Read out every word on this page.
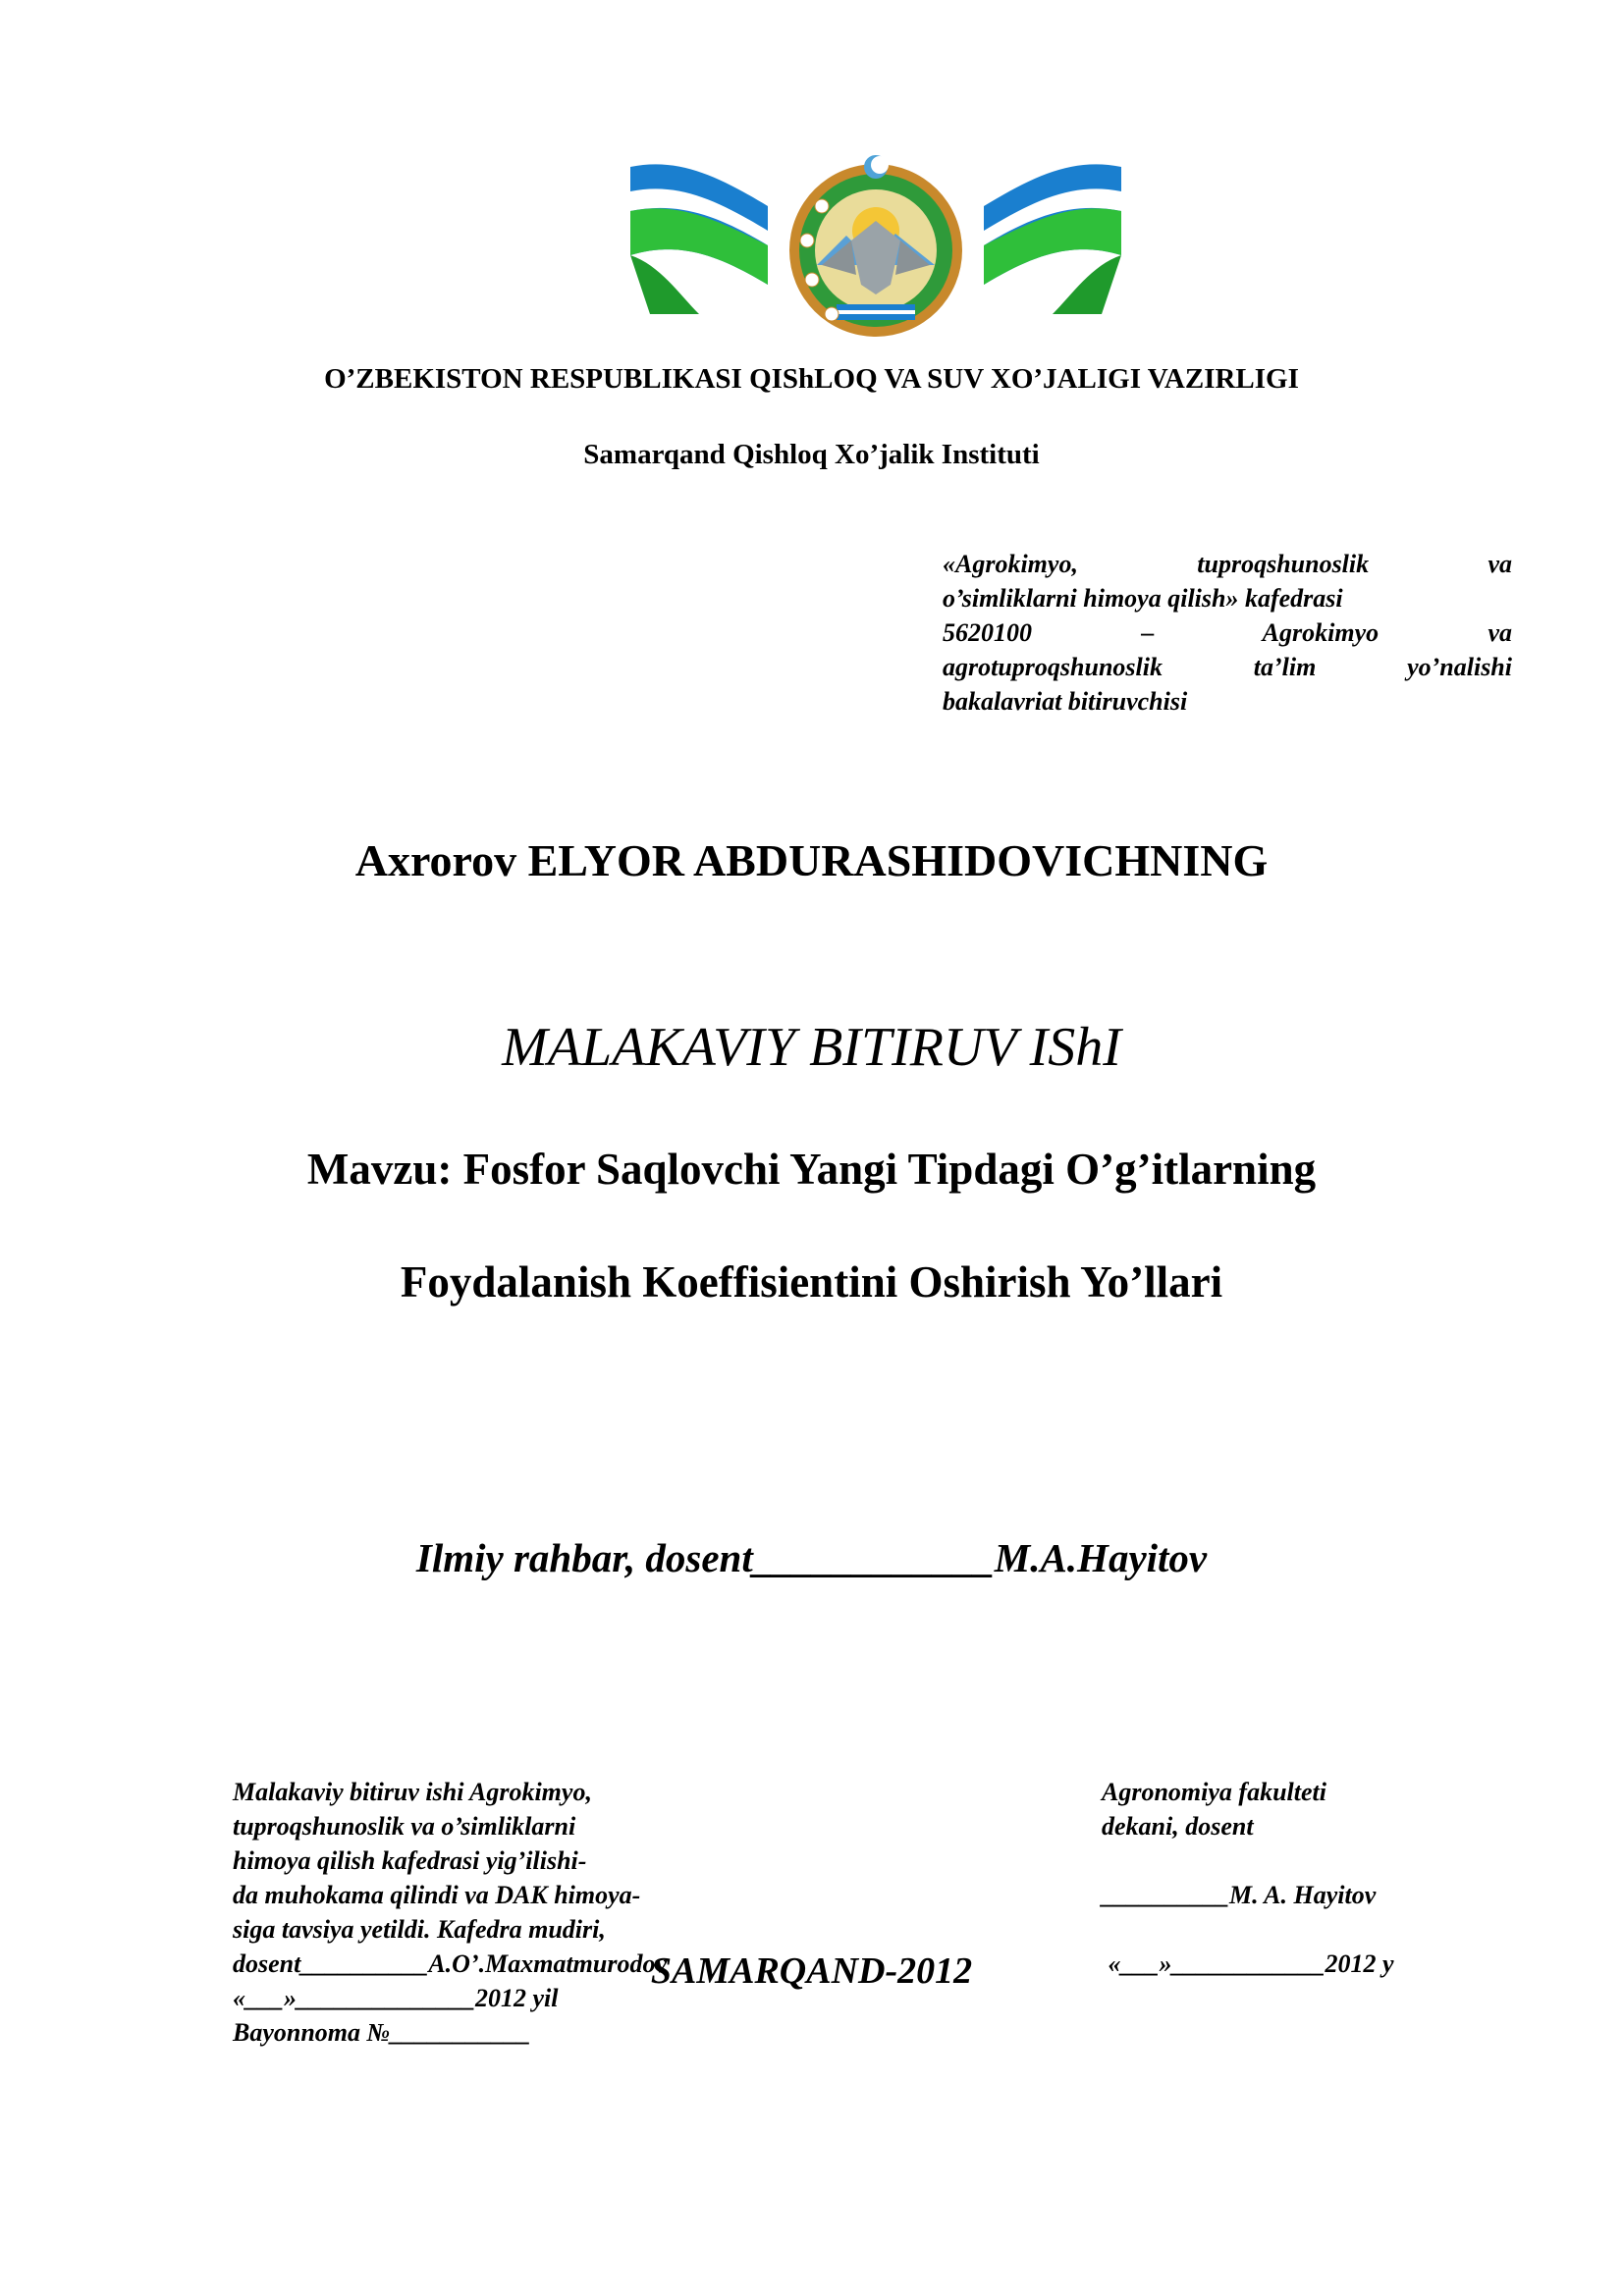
O’ZBEKISTON RESPUBLIKASI QIShLOQ VA SUV XO’JALIGI VAZIRLIGI
Samarqand Qishloq Xo’jalik Instituti
«Agrokimyo, tuproqshunoslik va
o’simliklarni himoya qilish» kafedrasi
5620100 – Agrokimyo va
agrotuproqshunoslik ta’lim yo’nalishi
bakalavriat bitiruvchisi
Axrorov ELYOR ABDURASHIDOVICHNING
MALAKAVIY BITIRUV IShI
Mavzu: Fosfor Saqlovchi Yangi Tipdagi O’g’itlarning
Foydalanish Koeffisientini Oshirish Yo’llari
Ilmiy rahbar, dosent____________M.A.Hayitov
Malakaviy bitiruv ishi Agrokimyo,
tuproqshunoslik va o’simliklarni
himoya qilish kafedrasi yig’ilishi-
da muhokama qilindi va DAK himoya-
siga tavsiya yetildi. Kafedra mudiri,
dosent__________A.O’.Maxmatmurodov
«___»______________2012 yil
Bayonnoma №___________
Agronomiya fakulteti
dekani, dosent

__________M. A. Hayitov

«___»____________2012 y
SAMARQAND-2012
